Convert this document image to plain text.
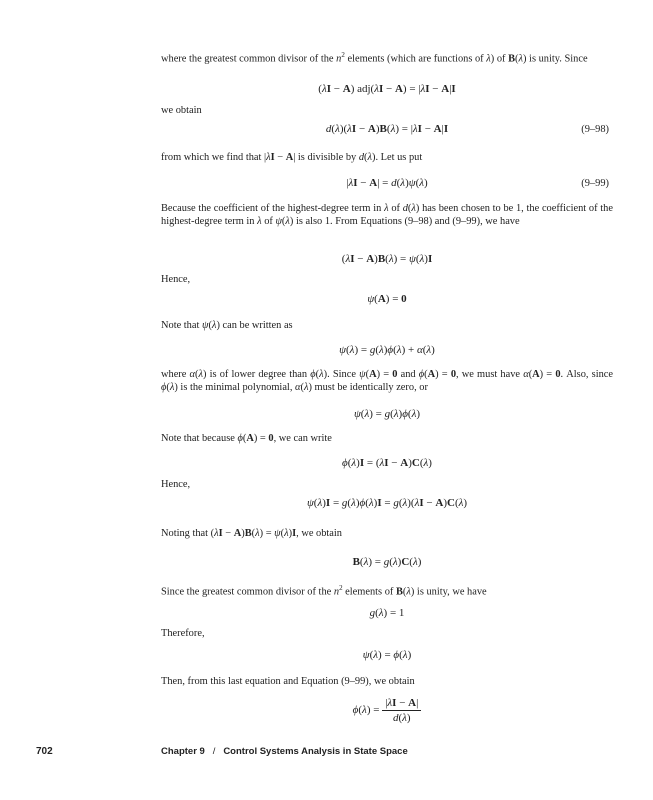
where the greatest common divisor of the $n^2$ elements (which are functions of λ) of B(λ) is unity. Since
(λI − A) adj(λI − A) = |λI − A|I
we obtain
d(λ)(λI − A)B(λ) = |λI − A|I	(9–98)
from which we find that |λI − A| is divisible by d(λ). Let us put
|λI − A| = d(λ)ψ(λ)	(9–99)
Because the coefficient of the highest-degree term in λ of d(λ) has been chosen to be 1, the coefficient of the highest-degree term in λ of ψ(λ) is also 1. From Equations (9–98) and (9–99), we have
(λI − A)B(λ) = ψ(λ)I
Hence,
ψ(A) = 0
Note that ψ(λ) can be written as
ψ(λ) = g(λ)ϕ(λ) + α(λ)
where α(λ) is of lower degree than ϕ(λ). Since ψ(A) = 0 and ϕ(A) = 0, we must have α(A) = 0. Also, since ϕ(λ) is the minimal polynomial, α(λ) must be identically zero, or
ψ(λ) = g(λ)ϕ(λ)
Note that because ϕ(A) = 0, we can write
ϕ(λ)I = (λI − A)C(λ)
Hence,
ψ(λ)I = g(λ)ϕ(λ)I = g(λ)(λI − A)C(λ)
Noting that (λI − A)B(λ) = ψ(λ)I, we obtain
B(λ) = g(λ)C(λ)
Since the greatest common divisor of the $n^2$ elements of B(λ) is unity, we have
g(λ) = 1
Therefore,
ψ(λ) = ϕ(λ)
Then, from this last equation and Equation (9–99), we obtain
$\phi(\lambda) = \frac{|\lambda I - A|}{d(\lambda)}$
702	Chapter 9 / Control Systems Analysis in State Space
